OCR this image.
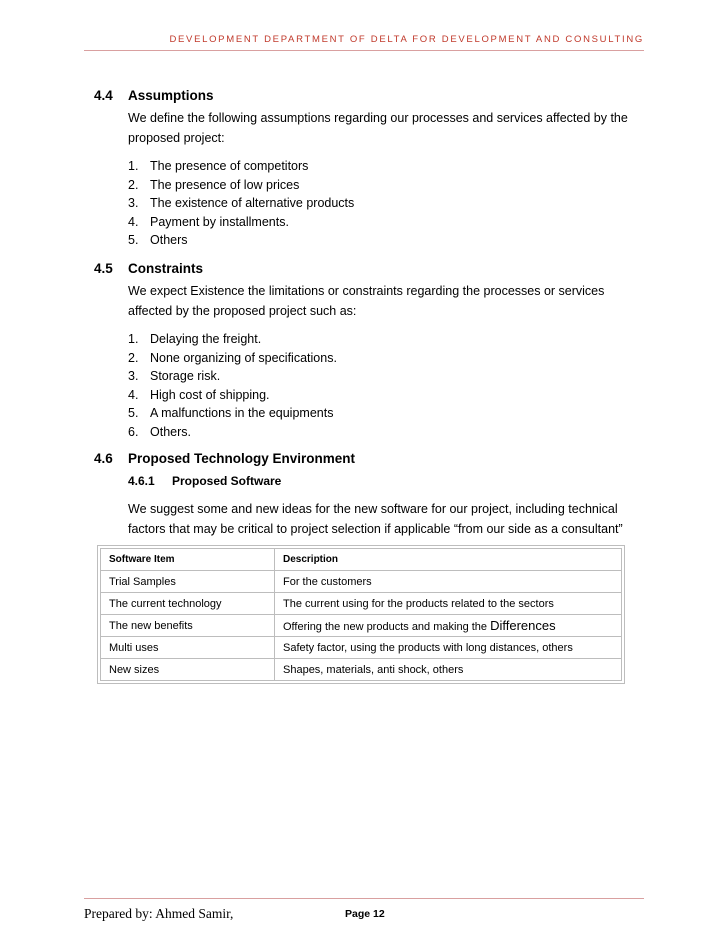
DEVELOPMENT DEPARTMENT OF DELTA FOR DEVELOPMENT AND CONSULTING
4.4	Assumptions
We define the following assumptions regarding our processes and services affected by the proposed project:
1. The presence of competitors
2. The presence of low prices
3. The existence of alternative products
4. Payment by installments.
5. Others
4.5	Constraints
We expect Existence the limitations or constraints regarding the processes or services affected by the proposed project such as:
1. Delaying the freight.
2. None organizing of specifications.
3. Storage risk.
4. High cost of shipping.
5. A malfunctions in the equipments
6. Others.
4.6	Proposed Technology Environment
4.6.1	Proposed Software
We suggest some and new ideas for the new software for our project, including technical factors that may be critical to project selection if applicable “from our side as a consultant”
Software Item	Description
Trial Samples	For the customers
The current technology	The current using for the products related to the sectors
The new benefits	Offering the new products and making the Differences
Multi uses	Safety factor, using the products with long distances, others
New sizes	Shapes, materials, anti shock, others
Prepared by: Ahmed Samir,	Page 12
